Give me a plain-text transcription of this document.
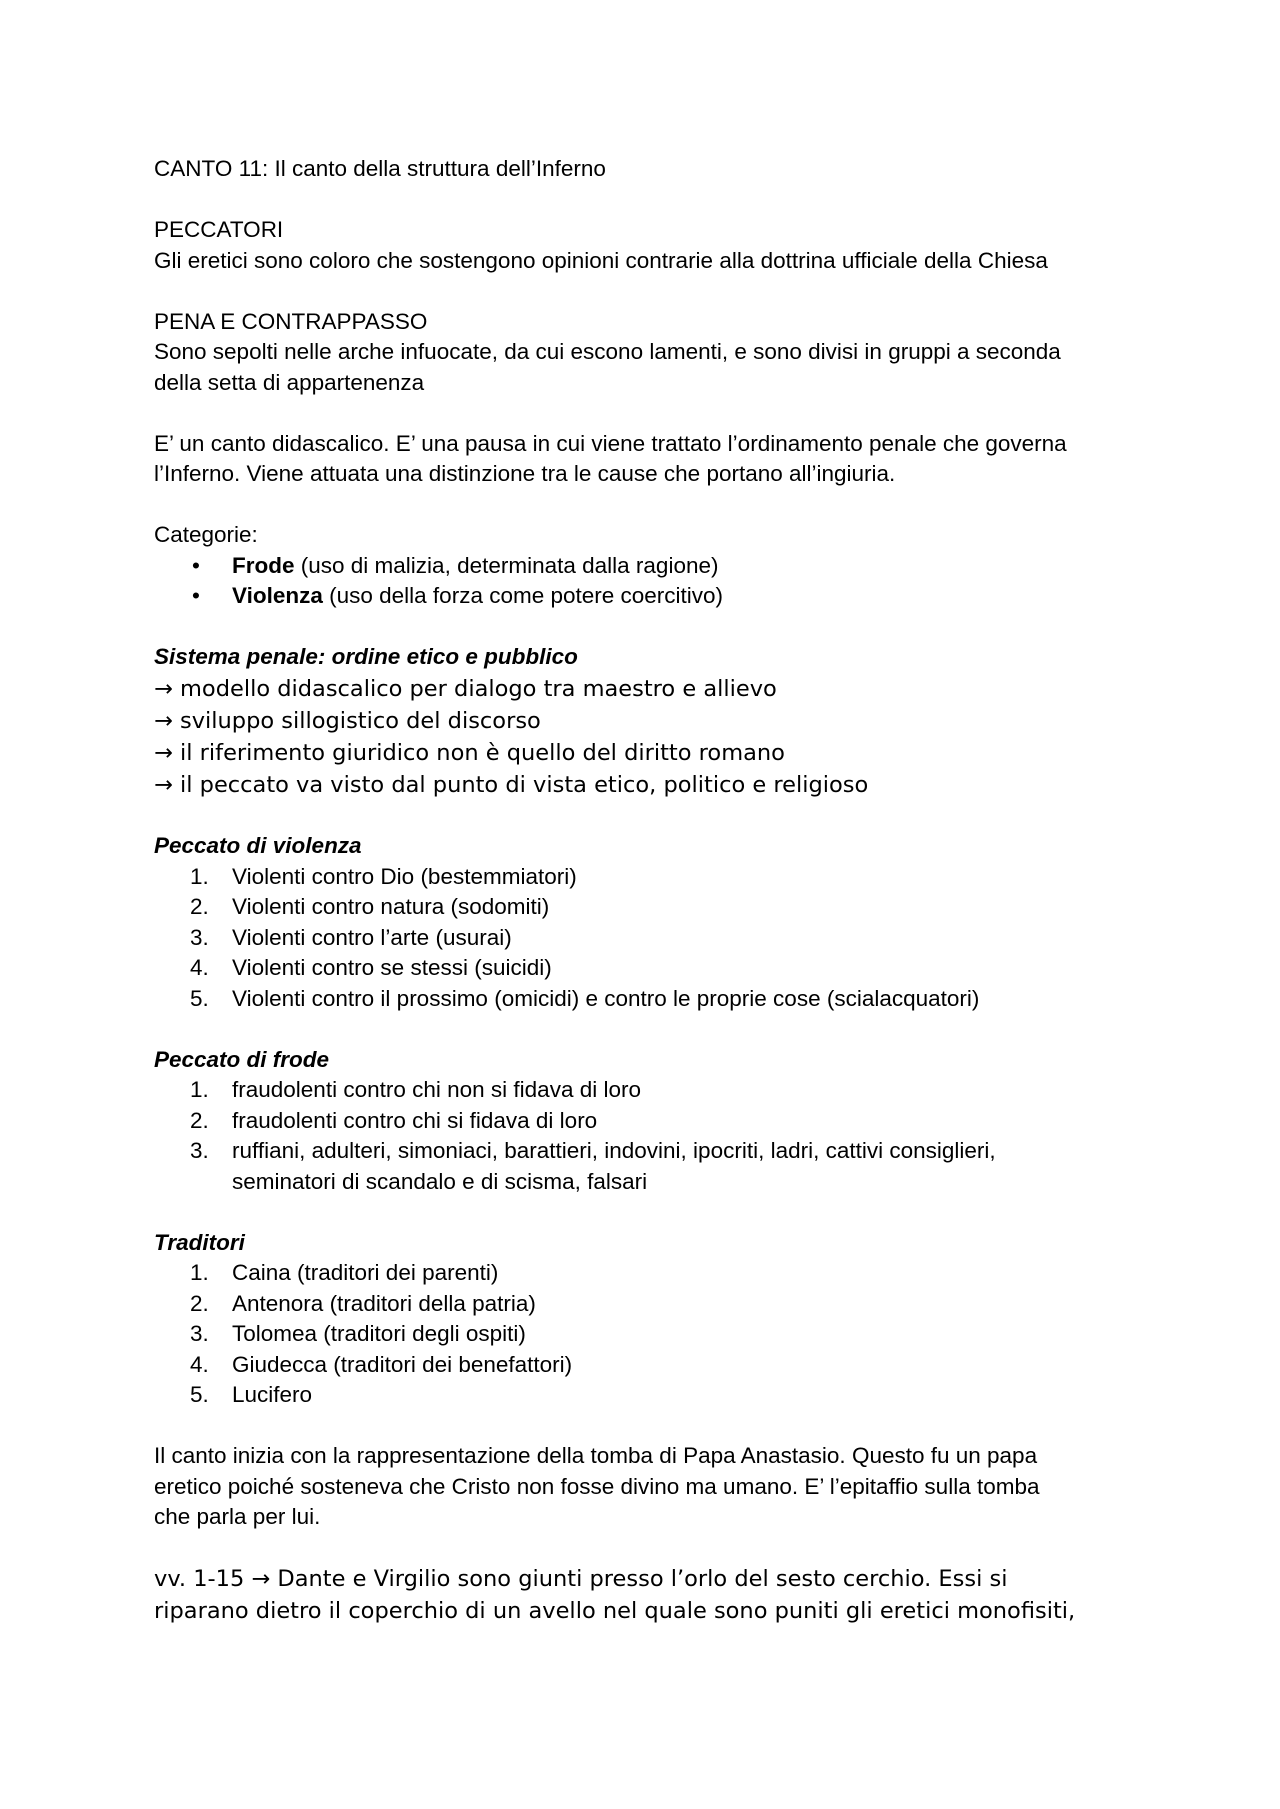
CANTO 11: Il canto della struttura dell’Inferno

PECCATORI

Gli eretici sono coloro che sostengono opinioni contrarie alla dottrina ufficiale della Chiesa

PENA E CONTRAPPASSO

Sono sepolti nelle arche infuocate, da cui escono lamenti, e sono divisi in gruppi a seconda

della setta di appartenenza

E’ un canto didascalico. E’ una pausa in cui viene trattato l’ordinamento penale che governa

l’Inferno. Viene attuata una distinzione tra le cause che portano all’ingiuria.

Categorie:

• Frode (uso di malizia, determinata dalla ragione)
• Violenza (uso della forza come potere coercitivo)

Sistema penale: ordine etico e pubblico

→ modello didascalico per dialogo tra maestro e allievo

→ sviluppo sillogistico del discorso

→ il riferimento giuridico non è quello del diritto romano

→ il peccato va visto dal punto di vista etico, politico e religioso

Peccato di violenza

1.	Violenti contro Dio (bestemmiatori)
2.	Violenti contro natura (sodomiti)
3.	Violenti contro l’arte (usurai)
4.	Violenti contro se stessi (suicidi)
5.	Violenti contro il prossimo (omicidi) e contro le proprie cose (scialacquatori)

Peccato di frode

1.	fraudolenti contro chi non si fidava di loro
2.	fraudolenti contro chi si fidava di loro
3.	ruffiani, adulteri, simoniaci, barattieri, indovini, ipocriti, ladri, cattivi consiglieri,
seminatori di scandalo e di scisma, falsari

Traditori

1.	Caina (traditori dei parenti)
2.	Antenora (traditori della patria)
3.	Tolomea (traditori degli ospiti)
4.	Giudecca (traditori dei benefattori)
5.	Lucifero

Il canto inizia con la rappresentazione della tomba di Papa Anastasio. Questo fu un papa

eretico poiché sosteneva che Cristo non fosse divino ma umano. E’ l’epitaffio sulla tomba

che parla per lui.

vv. 1-15 → Dante e Virgilio sono giunti presso l’orlo del sesto cerchio. Essi si

riparano dietro il coperchio di un avello nel quale sono puniti gli eretici monofisiti,
